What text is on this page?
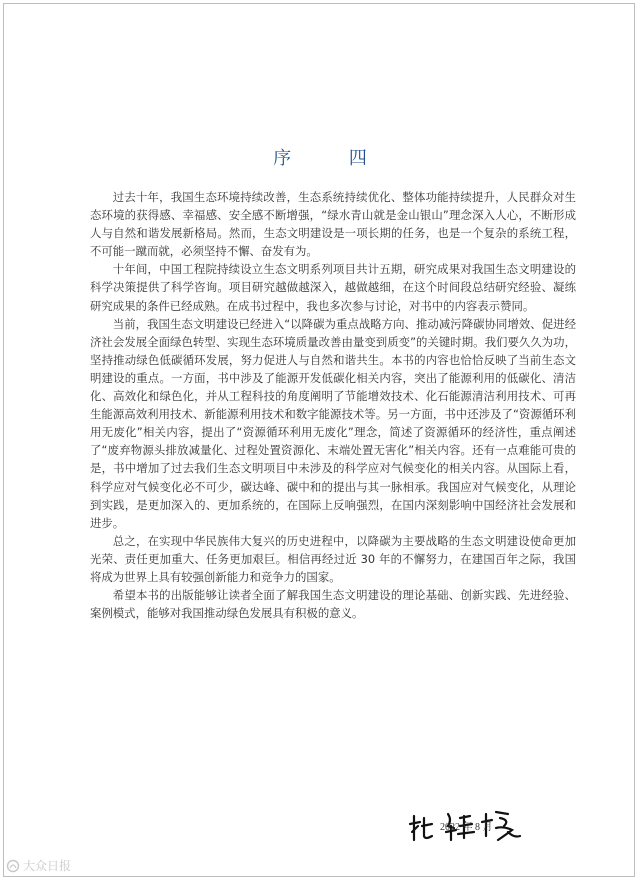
序 四

过去十年，我国生态环境持续改善，生态系统持续优化、整体功能持续提升，人民群众对生态环境的获得感、幸福感、安全感不断增强，“绿水青山就是金山银山”理念深入人心，不断形成人与自然和谐发展新格局。然而，生态文明建设是一项长期的任务，也是一个复杂的系统工程，不可能一蹴而就，必须坚持不懈、奋发有为。

十年间，中国工程院持续设立生态文明系列项目共计五期，研究成果对我国生态文明建设的科学决策提供了科学咨询。项目研究越做越深入，越做越细，在这个时间段总结研究经验、凝练研究成果的条件已经成熟。在成书过程中，我也多次参与讨论，对书中的内容表示赞同。

当前，我国生态文明建设已经进入“以降碳为重点战略方向、推动减污降碳协同增效、促进经济社会发展全面绿色转型、实现生态环境质量改善由量变到质变”的关键时期。我们要久久为功，坚持推动绿色低碳循环发展，努力促进人与自然和谐共生。本书的内容也恰恰反映了当前生态文明建设的重点。一方面，书中涉及了能源开发低碳化相关内容，突出了能源利用的低碳化、清洁化、高效化和绿色化，并从工程科技的角度阐明了节能增效技术、化石能源清洁利用技术、可再生能源高效利用技术、新能源利用技术和数字能源技术等。另一方面，书中还涉及了“资源循环利用无废化”相关内容，提出了“资源循环利用无废化”理念，简述了资源循环的经济性，重点阐述了“废弃物源头排放减量化、过程处置资源化、末端处置无害化”相关内容。还有一点难能可贵的是，书中增加了过去我们生态文明项目中未涉及的科学应对气候变化的相关内容。从国际上看，科学应对气候变化必不可少，碳达峰、碳中和的提出与其一脉相承。我国应对气候变化，从理论到实践，是更加深入的、更加系统的，在国际上反响强烈，在国内深刻影响中国经济社会发展和进步。

总之，在实现中华民族伟大复兴的历史进程中，以降碳为主要战略的生态文明建设使命更加光荣、责任更加重大、任务更加艰巨。相信再经过近 30 年的不懈努力，在建国百年之际，我国将成为世界上具有较强创新能力和竞争力的国家。

希望本书的出版能够让读者全面了解我国生态文明建设的理论基础、创新实践、先进经验、案例模式，能够对我国推动绿色发展具有积极的意义。

2022 年 8 月
大众日报
